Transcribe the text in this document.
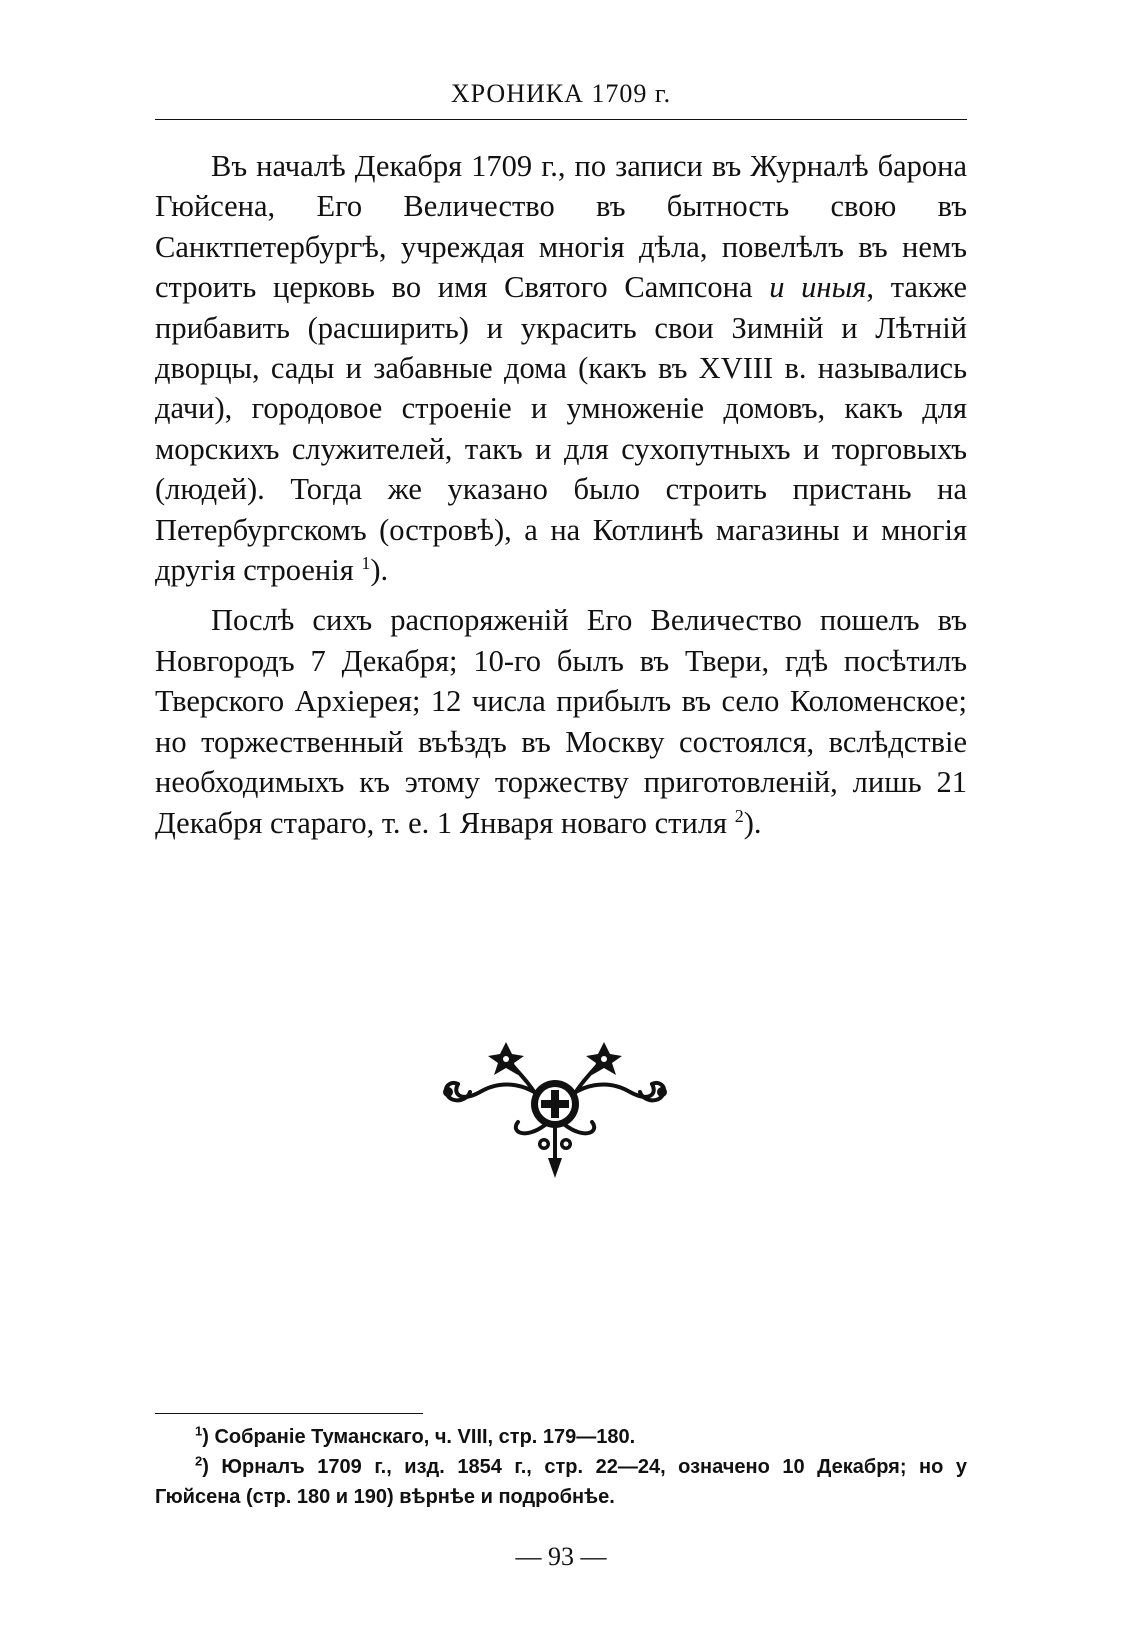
ХРОНИКА 1709 г.

Въ началѣ Декабря 1709 г., по записи въ Журналѣ барона Гюйсена, Его Величество въ бытность свою въ Санктпетербургѣ, учреждая многія дѣла, повелѣлъ въ немъ строить церковь во имя Святого Сампсона и иныя, также прибавить (расширить) и украсить свои Зимній и Лѣтній дворцы, сады и забавные дома (какъ въ XVIII в. назывались дачи), городовое строеніе и умноженіе домовъ, какъ для морскихъ служителей, такъ и для сухопутныхъ и торговыхъ (людей). Тогда же указано было строить пристань на Петербургскомъ (островѣ), а на Котлинѣ магазины и многія другія строенія $^1$).

Послѣ сихъ распоряженій Его Величество пошелъ въ Новгородъ 7 Декабря; 10-го былъ въ Твери, гдѣ посѣтилъ Тверского Архіерея; 12 числа прибылъ въ село Коломенское; но торжественный въѣздъ въ Москву состоялся, вслѣдствіе необходимыхъ къ этому торжеству приготовленій, лишь 21 Декабря стараго, т. е. 1 Января новаго стиля $^2$).

$^1$) Собраніе Туманскаго, ч. VIII, стр. 179—180.

$^2$) Юрналъ 1709 г., изд. 1854 г., стр. 22—24, означено 10 Декабря; но у Гюйсена (стр. 180 и 190) вѣрнѣе и подробнѣе.

— 93 —
